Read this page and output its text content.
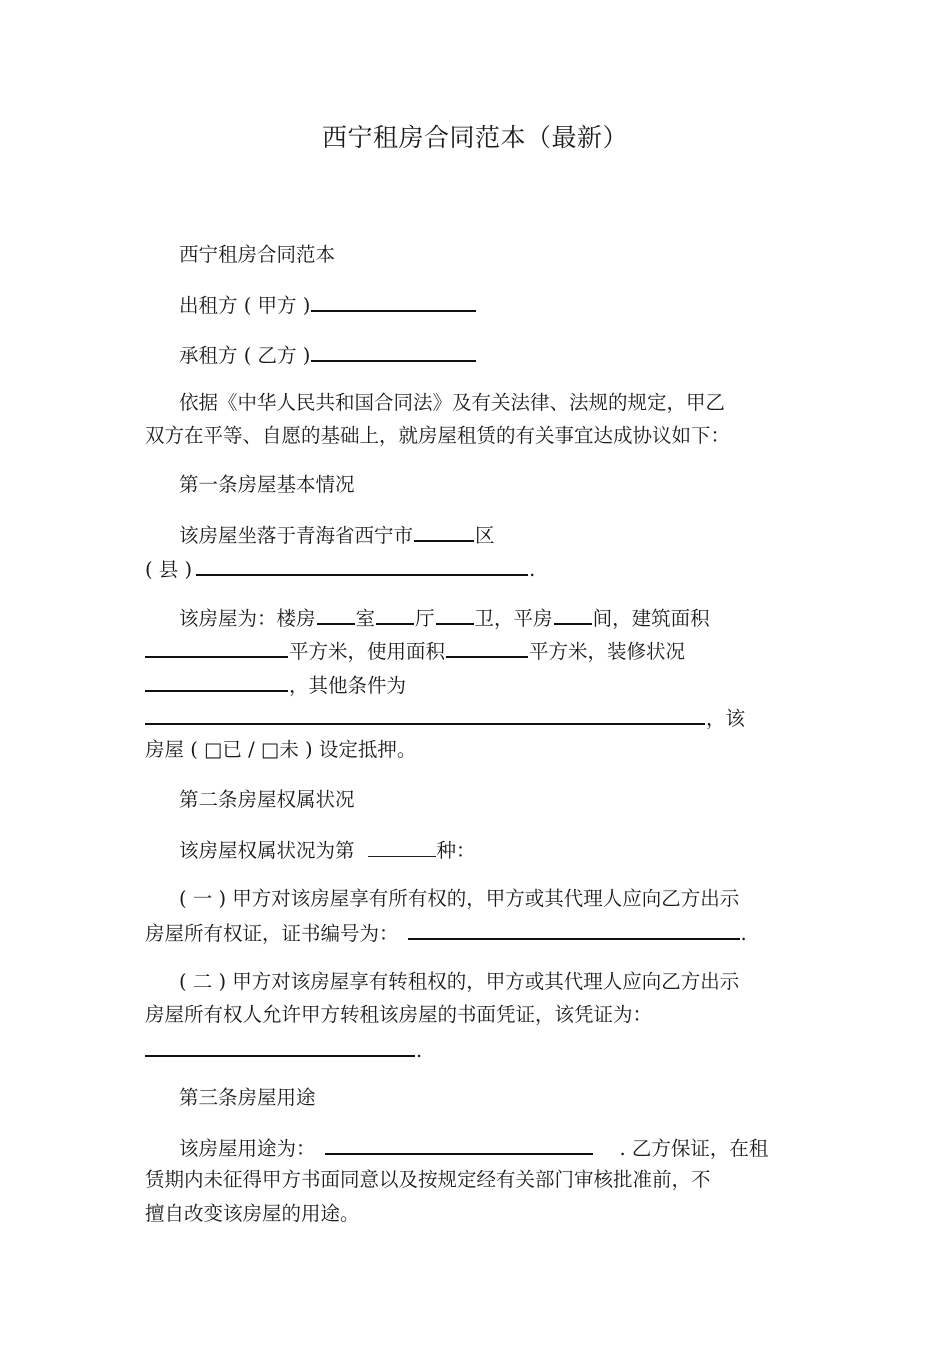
西宁租房合同范本（最新）
西宁租房合同范本
出租方 ( 甲方 )
承租方 ( 乙方 )
依据《中华人民共和国合同法》及有关法律、法规的规定，甲乙
双方在平等、自愿的基础上，就房屋租赁的有关事宜达成协议如下：
第一条房屋基本情况
该房屋坐落于青海省西宁市	区
( 县 )	.
该房屋为：楼房 室 厅 卫，平房 间，建筑面积
平方米，使用面积	平方米，装修状况
，其他条件为
，该
房屋 ( □已 / □未 ) 设定抵押。
第二条房屋权属状况
该房屋权属状况为第	种：
( 一 ) 甲方对该房屋享有所有权的，甲方或其代理人应向乙方出示
房屋所有权证，证书编号为：	.
( 二 ) 甲方对该房屋享有转租权的，甲方或其代理人应向乙方出示
房屋所有权人允许甲方转租该房屋的书面凭证，该凭证为：
.
第三条房屋用途
该房屋用途为：	. 乙方保证，在租
赁期内未征得甲方书面同意以及按规定经有关部门审核批准前，不
擅自改变该房屋的用途。
